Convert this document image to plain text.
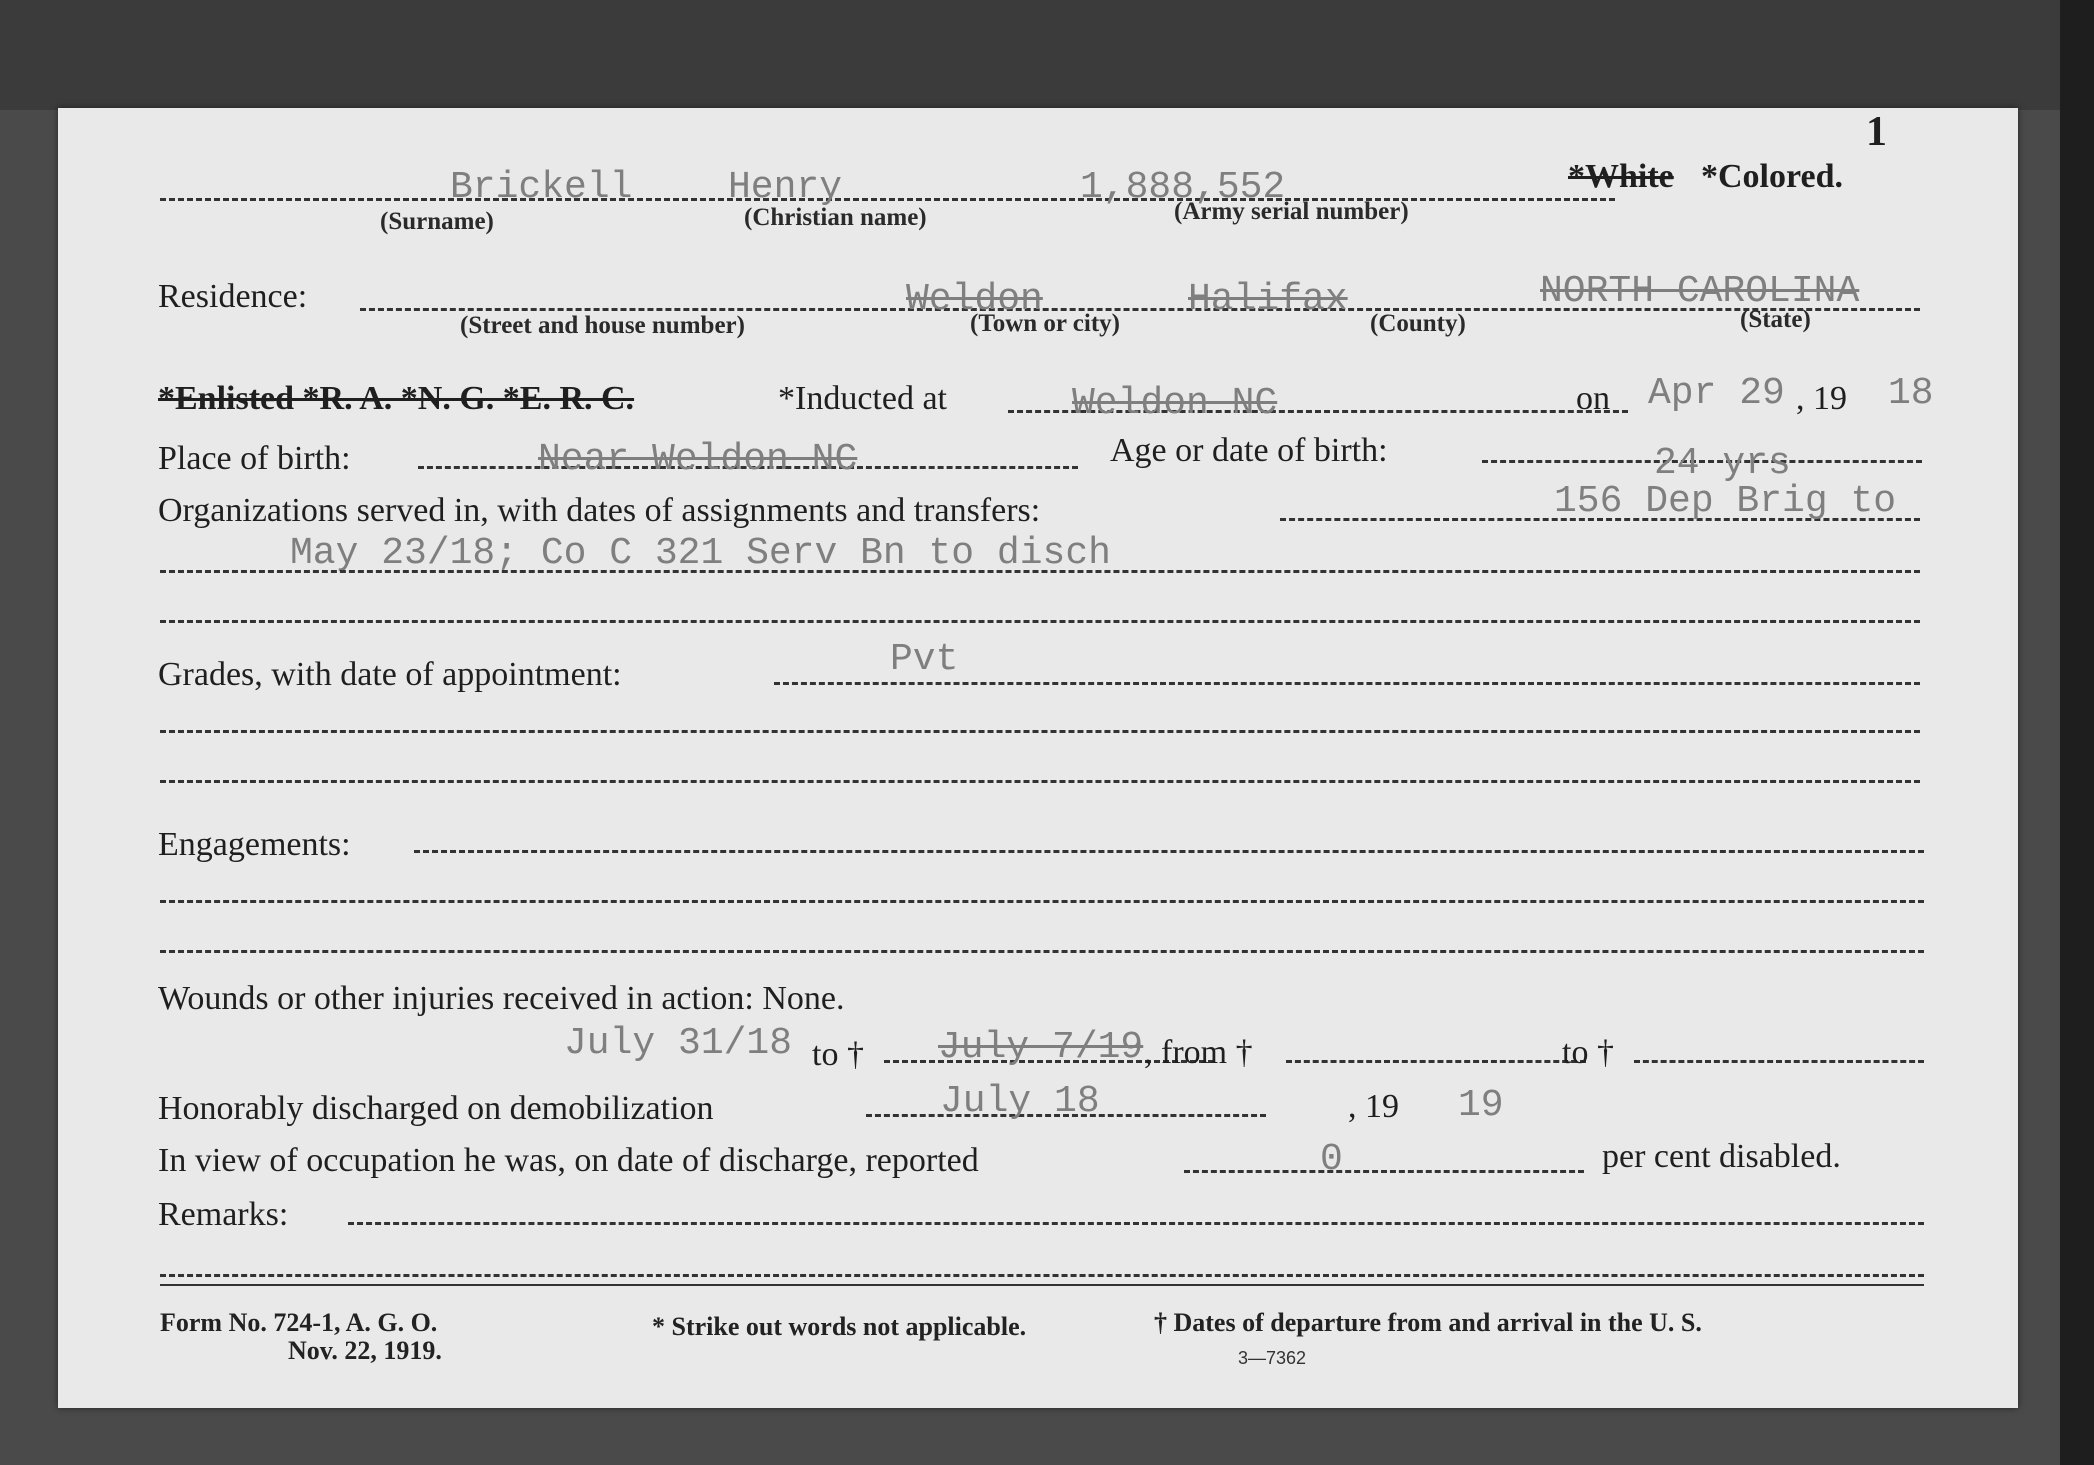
1
Brickell	Henry	1,888,552	*White *Colored.
(Surname)	(Christian name)	(Army serial number)
Residence:	Weldon	Halifax	NORTH CAROLINA
(Street and house number)	(Town or city)	(County)	(State)
*Enlisted *R. A. *N. G. *E. R. C.	*Inducted at	Weldon NC	on Apr 29 , 19 18
Place of birth:	Near Weldon NC	Age or date of birth:	24 yrs
Organizations served in, with dates of assignments and transfers:	156 Dep Brig to
May 23/18; Co C 321 Serv Bn to disch
Grades, with date of appointment:	Pvt
Engagements:
Wounds or other injuries received in action: None.
July 31/18 to † July 7/19 , from †	to †
Honorably discharged on demobilization	July 18	, 19 19
In view of occupation he was, on date of discharge, reported	0	per cent disabled.
Remarks:
Form No. 724-1, A. G. O.
Nov. 22, 1919.
* Strike out words not applicable.	† Dates of departure from and arrival in the U. S.
3—7362
